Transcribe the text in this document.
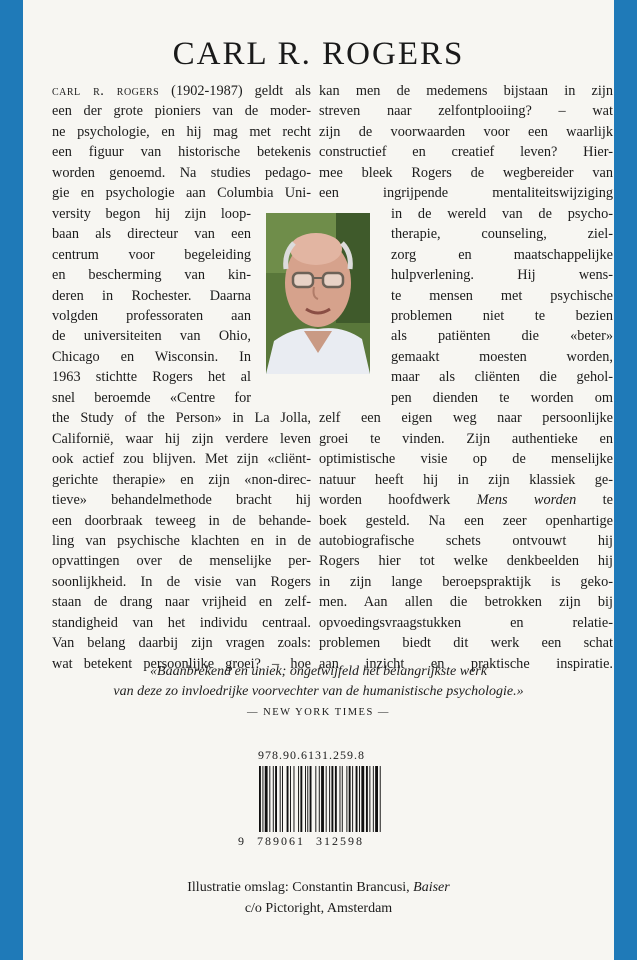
CARL R. ROGERS
carl r. rogers (1902-1987) geldt als
een der grote pioniers van de moder-
ne psychologie, en hij mag met recht
een figuur van historische betekenis
worden genoemd. Na studies pedago-
gie en psychologie aan Columbia Uni-
versity begon hij zijn loop-
baan als directeur van een
centrum voor begeleiding
en bescherming van kin-
deren in Rochester. Daarna
volgden professoraten aan
de universiteiten van Ohio,
Chicago en Wisconsin. In
1963 stichtte Rogers het al
snel beroemde «Centre for
the Study of the Person» in La Jolla,
Californië, waar hij zijn verdere leven
ook actief zou blijven. Met zijn «cliënt-
gerichte therapie» en zijn «non-direc-
tieve» behandelmethode bracht hij
een doorbraak teweeg in de behande-
ling van psychische klachten en in de
opvattingen over de menselijke per-
soonlijkheid. In de visie van Rogers
staan de drang naar vrijheid en zelf-
standigheid van het individu centraal.
Van belang daarbij zijn vragen zoals:
wat betekent persoonlijke groei? – hoe
kan men de medemens bijstaan in zijn
streven naar zelfontplooiing? – wat
zijn de voorwaarden voor een waarlijk
constructief en creatief leven? Hier-
mee bleek Rogers de wegbereider van
een ingrijpende mentaliteitswijziging
in de wereld van de psycho-
therapie, counseling, ziel-
zorg en maatschappelijke
hulpverlening. Hij wens-
te mensen met psychische
problemen niet te bezien
als patiënten die «beter»
gemaakt moesten worden,
maar als cliënten die gehol-
pen dienden te worden om
zelf een eigen weg naar persoonlijke
groei te vinden. Zijn authentieke en
optimistische visie op de menselijke
natuur heeft hij in zijn klassiek ge-
worden hoofdwerk Mens worden te
boek gesteld. Na een zeer openhartige
autobiografische schets ontvouwt hij
Rogers hier tot welke denkbeelden hij
in zijn lange beroepspraktijk is geko-
men. Aan allen die betrokken zijn bij
opvoedingsvraagstukken en relatie-
problemen biedt dit werk een schat
aan inzicht en praktische inspiratie.
«Baanbrekend en uniek; ongetwijfeld het belangrijkste werk
van deze zo invloedrijke voorvechter van de humanistische psychologie.»
— NEW YORK TIMES —
978.90.6131.259.8
9 789061 312598
Illustratie omslag: Constantin Brancusi, Baiser
c/o Pictoright, Amsterdam
